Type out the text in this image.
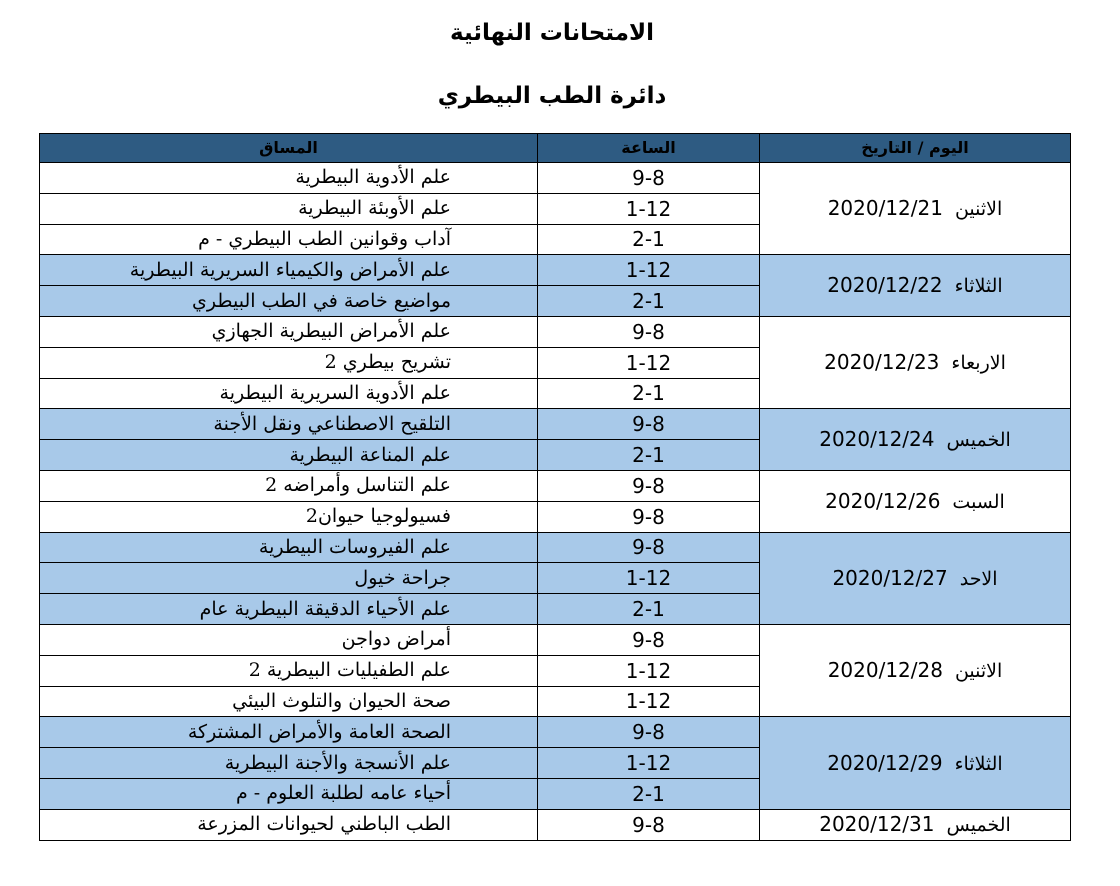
الامتحانات النهائية
دائرة الطب البيطري
اليوم / التاريخ	الساعة	المساق
الاثنين2020/12/21	9-8	علم الأدوية البيطرية
	1-12	علم الأوبئة البيطرية
	2-1	آداب وقوانين الطب البيطري - م
الثلاثاء2020/12/22	1-12	علم الأمراض والكيمياء السريرية البيطرية
	2-1	مواضيع خاصة في الطب البيطري
الاربعاء2020/12/23	9-8	علم الأمراض البيطرية الجهازي
	1-12	تشريح بيطري 2
	2-1	علم الأدوية السريرية البيطرية
الخميس2020/12/24	9-8	التلقيح الاصطناعي ونقل الأجنة
	2-1	علم المناعة البيطرية
السبت2020/12/26	9-8	علم التناسل وأمراضه 2
	9-8	فسيولوجيا حيوان2
الاحد2020/12/27	9-8	علم الفيروسات البيطرية
	1-12	جراحة خيول
	2-1	علم الأحياء الدقيقة البيطرية عام
الاثنين2020/12/28	9-8	أمراض دواجن
	1-12	علم الطفيليات البيطرية 2
	1-12	صحة الحيوان والتلوث البيئي
الثلاثاء2020/12/29	9-8	الصحة العامة والأمراض المشتركة
	1-12	علم الأنسجة والأجنة البيطرية
	2-1	أحياء عامه لطلبة العلوم - م
الخميس2020/12/31	9-8	الطب الباطني لحيوانات المزرعة
